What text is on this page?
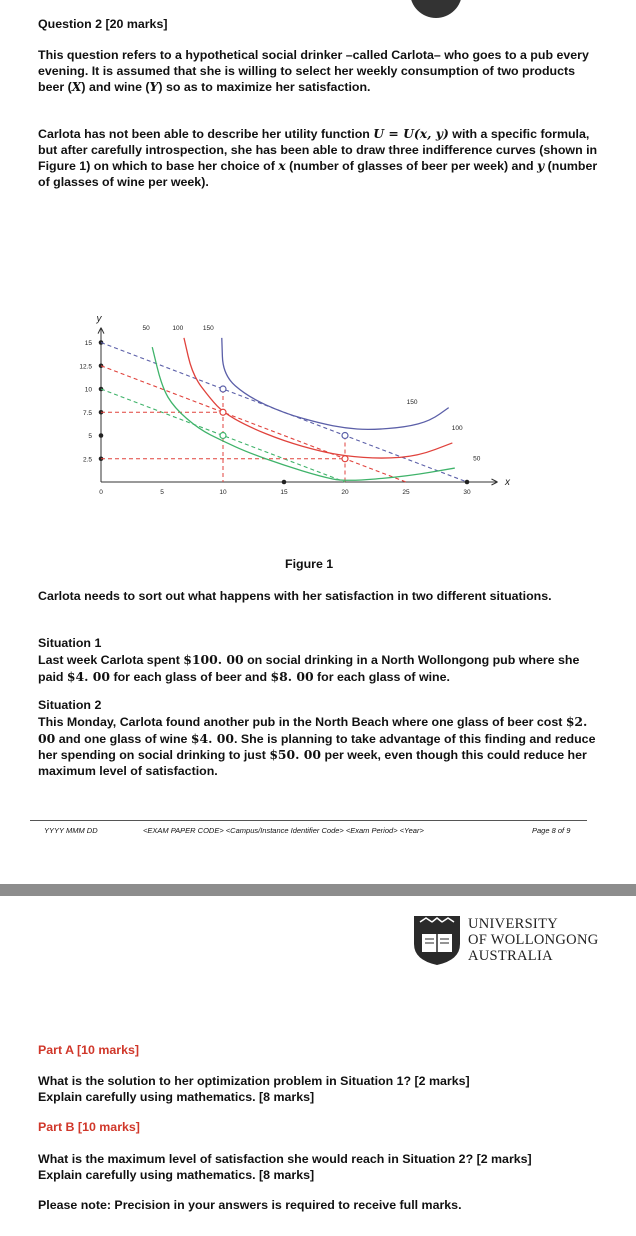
Question 2 [20 marks]

This question refers to a hypothetical social drinker –called Carlota– who goes to a pub every evening. It is assumed that she is willing to select her weekly consumption of two products beer (X) and wine (Y) so as to maximize her satisfaction.

Carlota has not been able to describe her utility function U = U(x, y) with a specific formula, but after carefully introspection, she has been able to draw three indifference curves (shown in Figure 1) on which to base her choice of x (number of glasses of beer per week) and y (number of glasses of wine per week).

x
y
0	5	10	15	20	25	30
2.5
5
7.5
10
12.5
15
150
100
50
50	100	150

Figure 1

Carlota needs to sort out what happens with her satisfaction in two different situations.

Situation 1

Last week Carlota spent $100. 00 on social drinking in a North Wollongong pub where she paid $4. 00 for each glass of beer and $8. 00 for each glass of wine.

Situation 2

This Monday, Carlota found another pub in the North Beach where one glass of beer cost $2. 00 and one glass of wine $4. 00. She is planning to take advantage of this finding and reduce her spending on social drinking to just $50. 00 per week, even though this could reduce her maximum level of satisfaction.

YYYY MMM DD	<EXAM PAPER CODE> <Campus/Instance Identifier Code> <Exam Period> <Year>	Page 8 of 9

UNIVERSITY
OF WOLLONGONG
AUSTRALIA

Part A [10 marks]

What is the solution to her optimization problem in Situation 1? [2 marks]
Explain carefully using mathematics. [8 marks]

Part B [10 marks]

What is the maximum level of satisfaction she would reach in Situation 2? [2 marks]
Explain carefully using mathematics. [8 marks]

Please note: Precision in your answers is required to receive full marks.
